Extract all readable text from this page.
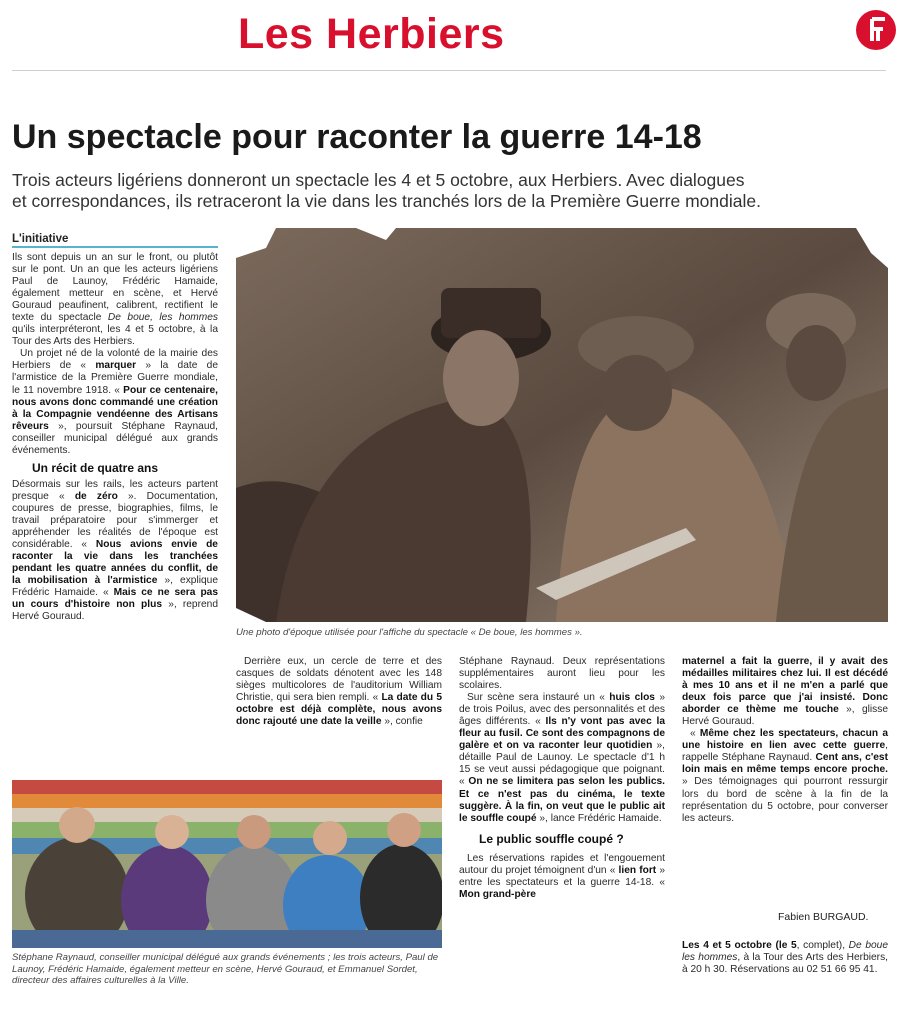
Les Herbiers
Un spectacle pour raconter la guerre 14-18
Trois acteurs ligériens donneront un spectacle les 4 et 5 octobre, aux Herbiers. Avec dialogues
et correspondances, ils retraceront la vie dans les tranchés lors de la Première Guerre mondiale.
L'initiative

Ils sont depuis un an sur le front, ou plutôt sur le pont. Un an que les acteurs ligériens Paul de Launoy, Frédéric Hamaide, également metteur en scène, et Hervé Gouraud peaufinent, calibrent, rectifient le texte du spectacle De boue, les hommes qu'ils interpréteront, les 4 et 5 octobre, à la Tour des Arts des Herbiers.

Un projet né de la volonté de la mairie des Herbiers de « marquer » la date de l'armistice de la Première Guerre mondiale, le 11 novembre 1918. « Pour ce centenaire, nous avons donc commandé une création à la Compagnie vendéenne des Artisans rêveurs », poursuit Stéphane Raynaud, conseiller municipal délégué aux grands événements.

Un récit de quatre ans

Désormais sur les rails, les acteurs partent presque « de zéro ». Documentation, coupures de presse, biographies, films, le travail préparatoire pour s'immerger et appréhender les réalités de l'époque est considérable. « Nous avions envie de raconter la vie dans les tranchées pendant les quatre années du conflit, de la mobilisation à l'armistice », explique Frédéric Hamaide. « Mais ce ne sera pas un cours d'histoire non plus », reprend Hervé Gouraud.

Une photo d'époque utilisée pour l'affiche du spectacle « De boue, les hommes ».

Derrière eux, un cercle de terre et des casques de soldats dénotent avec les 148 sièges multicolores de l'auditorium William Christie, qui sera bien rempli. « La date du 5 octobre est déjà complète, nous avons donc rajouté une date la veille », confie

Stéphane Raynaud, conseiller municipal délégué aux grands événements ; les trois acteurs, Paul de Launoy, Frédéric Hamaide, également metteur en scène, Hervé Gouraud, et Emmanuel Sordet, directeur des affaires culturelles à la Ville.

Stéphane Raynaud. Deux représentations supplémentaires auront lieu pour les scolaires.

Sur scène sera instauré un « huis clos » de trois Poilus, avec des personnalités et des âges différents. « Ils n'y vont pas avec la fleur au fusil. Ce sont des compagnons de galère et on va raconter leur quotidien », détaille Paul de Launoy. Le spectacle d'1 h 15 se veut aussi pédagogique que poignant. « On ne se limitera pas selon les publics. Et ce n'est pas du cinéma, le texte suggère. À la fin, on veut que le public ait le souffle coupé », lance Frédéric Hamaide.

Le public souffle coupé ?

Les réservations rapides et l'engouement autour du projet témoignent d'un « lien fort » entre les spectateurs et la guerre 14-18. « Mon grand-père

maternel a fait la guerre, il y avait des médailles militaires chez lui. Il est décédé à mes 10 ans et il ne m'en a parlé que deux fois parce que j'ai insisté. Donc aborder ce thème me touche », glisse Hervé Gouraud.

« Même chez les spectateurs, chacun a une histoire en lien avec cette guerre, rappelle Stéphane Raynaud. Cent ans, c'est loin mais en même temps encore proche. » Des témoignages qui pourront ressurgir lors du bord de scène à la fin de la représentation du 5 octobre, pour converser les acteurs.

Fabien BURGAUD.

Les 4 et 5 octobre (le 5, complet), De boue les hommes, à la Tour des Arts des Herbiers, à 20 h 30. Réservations au 02 51 66 95 41.
